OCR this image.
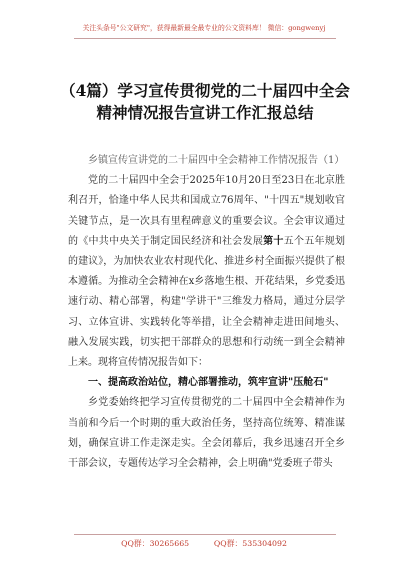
关注头条号"公文研究"，获得最新最全最专业的公文资料库！ 微信：gongwenyj
（4篇）学习宣传贯彻党的二十届四中全会精神情况报告宣讲工作汇报总结

乡镇宣传宣讲党的二十届四中全会精神工作情况报告（1）

党的二十届四中全会于2025年10月20日至23日在北京胜利召开，恰逢中华人民共和国成立76周年、"十四五"规划收官关键节点，是一次具有里程碑意义的重要会议。全会审议通过的《中共中央关于制定国民经济和社会发展第十五个五年规划的建议》，为加快农业农村现代化、推进乡村全面振兴提供了根本遵循。为推动全会精神在x乡落地生根、开花结果，乡党委迅速行动、精心部署，构建"学讲干"三维发力格局，通过分层学习、立体宣讲、实践转化等举措，让全会精神走进田间地头、融入发展实践，切实把干部群众的思想和行动统一到全会精神上来。现将宣传情况报告如下：

一、提高政治站位，精心部署推动，筑牢宣讲"压舱石"

乡党委始终把学习宣传贯彻党的二十届四中全会精神作为当前和今后一个时期的重大政治任务，坚持高位统筹、精准谋划，确保宣讲工作走深走实。全会闭幕后，我乡迅速召开全乡干部会议，专题传达学习全会精神，会上明确"党委班子带头

QQ群：30265665          QQ群：535304092
